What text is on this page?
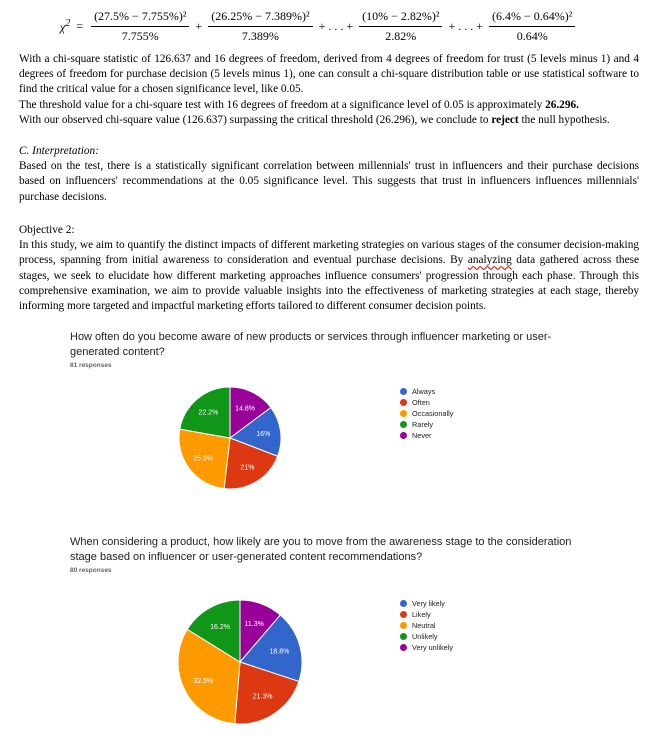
$\chi^2 = \frac{\text{(27.5\% − 7.755\%)²}}{7.755\%} + \frac{\text{(26.25\% − 7.389\%)²}}{7.389\%}$ + . . . + $\frac{\text{(10\% − 2.82\%)²}}{2.82\%}$ + . . . + $\frac{\text{(6.4\% − 0.64\%)²}}{0.64\%}$

With a chi-square statistic of 126.637 and 16 degrees of freedom, derived from 4 degrees of freedom for trust (5 levels minus 1) and 4 degrees of freedom for purchase decision (5 levels minus 1), one can consult a chi-square distribution table or use statistical software to find the critical value for a chosen significance level, like 0.05.

The threshold value for a chi-square test with 16 degrees of freedom at a significance level of 0.05 is approximately 26.296.

With our observed chi-square value (126.637) surpassing the critical threshold (26.296), we conclude to reject the null hypothesis.

C. Interpretation:

Based on the test, there is a statistically significant correlation between millennials' trust in influencers and their purchase decisions based on influencers' recommendations at the 0.05 significance level. This suggests that trust in influencers influences millennials' purchase decisions.

Objective 2:

In this study, we aim to quantify the distinct impacts of different marketing strategies on various stages of the consumer decision-making process, spanning from initial awareness to consideration and eventual purchase decisions. By analyzing data gathered across these stages, we seek to elucidate how different marketing approaches influence consumers' progression through each phase. Through this comprehensive examination, we aim to provide valuable insights into the effectiveness of marketing strategies at each stage, thereby informing more targeted and impactful marketing efforts tailored to different consumer decision points.

How often do you become aware of new products or services through influencer marketing or user-generated content?

81 responses
14.8%
16%
21%
25.9%
22.2%
Always
Often
Occasionally
Rarely
Never

When considering a product, how likely are you to move from the awareness stage to the consideration stage based on influencer or user-generated content recommendations?

80 responses
11.3%
18.8%
21.3%
32.5%
16.2%
Very likely
Likely
Neutral
Unlikely
Very unlikely
